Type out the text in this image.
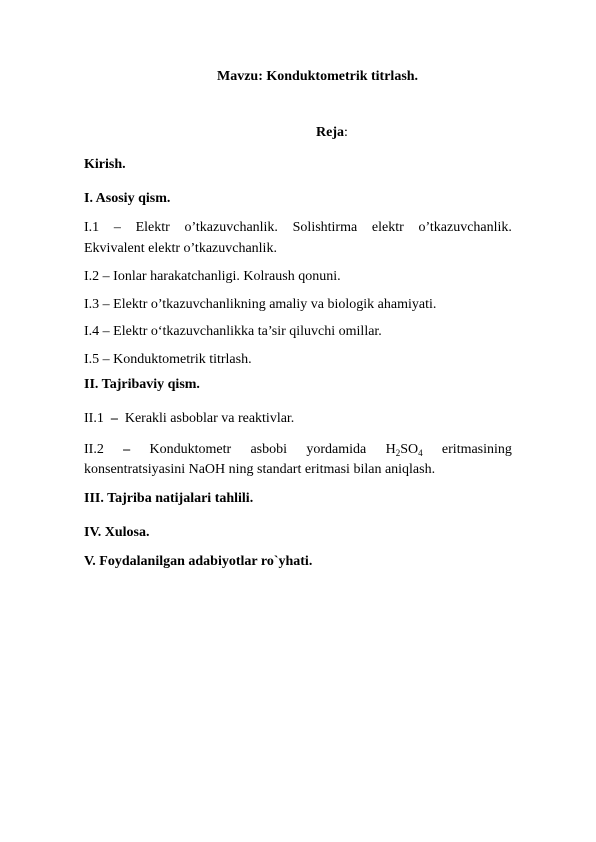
Mavzu: Konduktometrik titrlash.
Reja:
Kirish.
I. Asosiy qism.
I.1 – Elektr o’tkazuvchanlik. Solishtirma elektr o’tkazuvchanlik.
Ekvivalent elektr o’tkazuvchanlik.
I.2 – Ionlar harakatchanligi. Kolraush qonuni.
I.3 – Elektr o’tkazuvchanlikning amaliy va biologik ahamiyati.
I.4 – Elektr o‘tkazuvchanlikka ta’sir qiluvchi omillar.
I.5 – Konduktometrik titrlash.
II. Tajribaviy qism.
II.1 – Kerakli asboblar va reaktivlar.
II.2 – Konduktometr asbobi yordamida $H_2SO_4$ eritmasining
konsentratsiyasini NaOH ning standart eritmasi bilan aniqlash.
III. Tajriba natijalari tahlili.
IV. Xulosa.
V. Foydalanilgan adabiyotlar ro`yhati.
